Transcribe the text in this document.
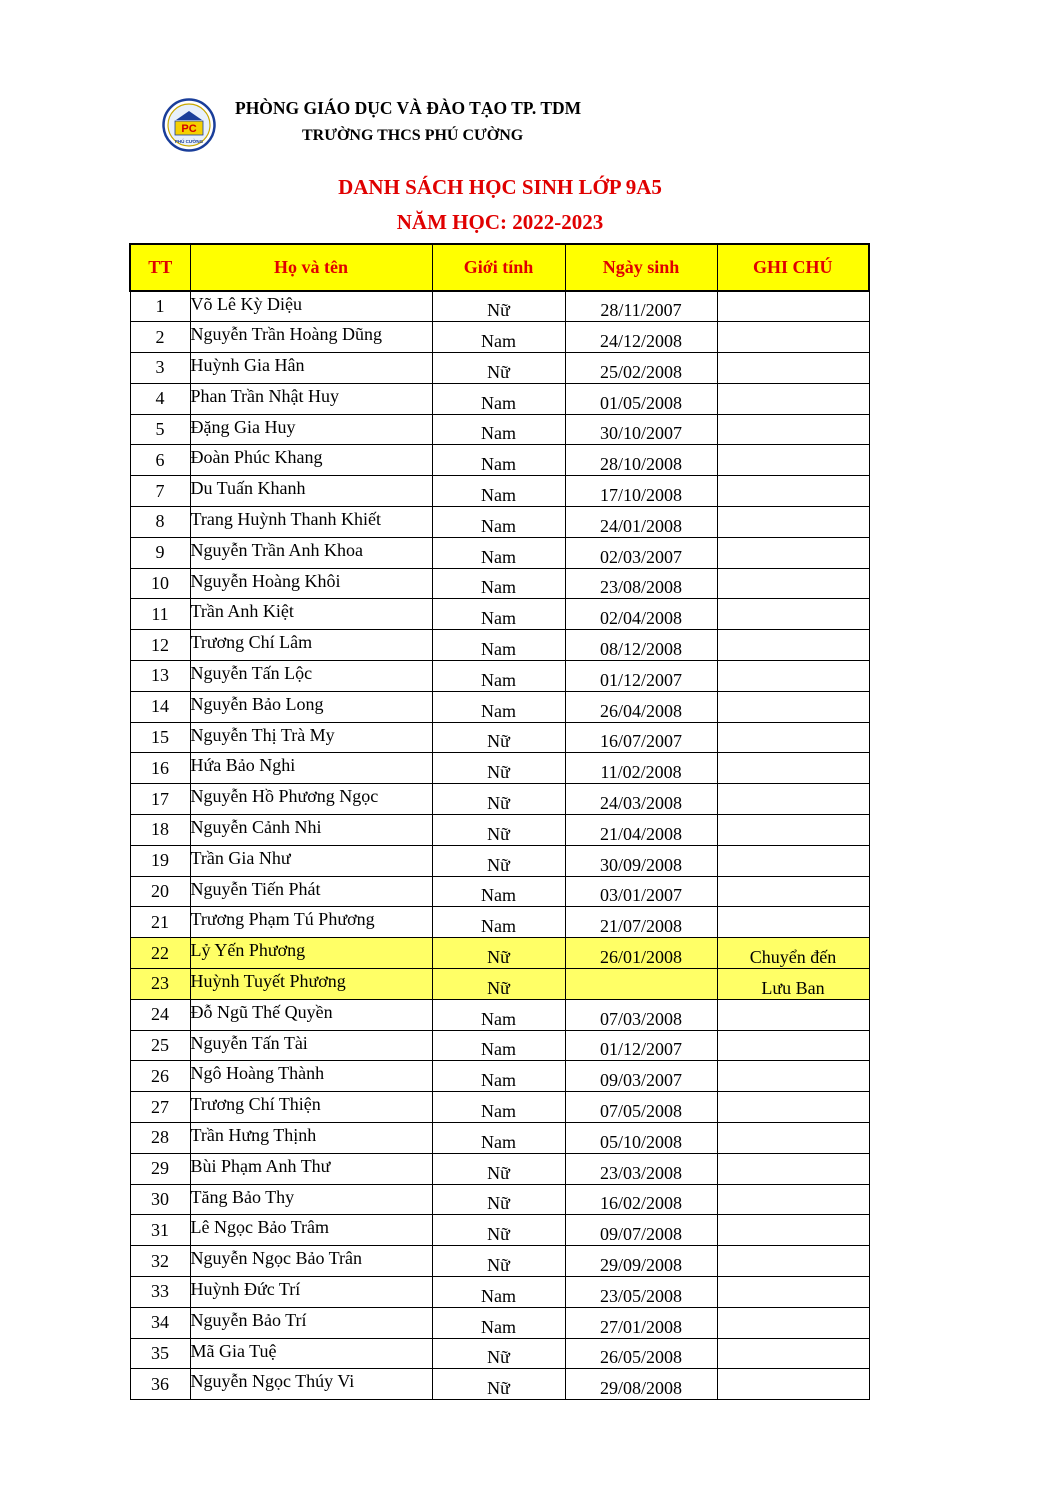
PC
PHÚ CƯỜNG
PHÒNG GIÁO DỤC VÀ ĐÀO TẠO TP. TDM
TRƯỜNG THCS PHÚ CƯỜNG
DANH SÁCH HỌC SINH LỚP 9A5
NĂM HỌC: 2022-2023
TT	Họ và tên	Giới tính	Ngày sinh	GHI CHÚ
1	Võ Lê Kỳ Diệu	Nữ	28/11/2007	
2	Nguyễn Trần Hoàng Dũng	Nam	24/12/2008	
3	Huỳnh Gia Hân	Nữ	25/02/2008	
4	Phan Trần Nhật Huy	Nam	01/05/2008	
5	Đặng Gia Huy	Nam	30/10/2007	
6	Đoàn Phúc Khang	Nam	28/10/2008	
7	Du Tuấn Khanh	Nam	17/10/2008	
8	Trang Huỳnh Thanh Khiết	Nam	24/01/2008	
9	Nguyễn Trần Anh Khoa	Nam	02/03/2007	
10	Nguyễn Hoàng Khôi	Nam	23/08/2008	
11	Trần Anh Kiệt	Nam	02/04/2008	
12	Trương Chí Lâm	Nam	08/12/2008	
13	Nguyễn Tấn Lộc	Nam	01/12/2007	
14	Nguyễn Bảo Long	Nam	26/04/2008	
15	Nguyễn Thị Trà My	Nữ	16/07/2007	
16	Hứa Bảo Nghi	Nữ	11/02/2008	
17	Nguyễn Hồ Phương Ngọc	Nữ	24/03/2008	
18	Nguyễn Cảnh Nhi	Nữ	21/04/2008	
19	Trần Gia Như	Nữ	30/09/2008	
20	Nguyễn Tiến Phát	Nam	03/01/2007	
21	Trương Phạm Tú Phương	Nam	21/07/2008	
22	Lỷ Yến Phương	Nữ	26/01/2008	Chuyển đến
23	Huỳnh Tuyết Phương	Nữ		Lưu Ban
24	Đỗ Ngũ Thế Quyền	Nam	07/03/2008	
25	Nguyễn Tấn Tài	Nam	01/12/2007	
26	Ngô Hoàng Thành	Nam	09/03/2007	
27	Trương Chí Thiện	Nam	07/05/2008	
28	Trần Hưng Thịnh	Nam	05/10/2008	
29	Bùi Phạm Anh Thư	Nữ	23/03/2008	
30	Tăng Bảo Thy	Nữ	16/02/2008	
31	Lê Ngọc Bảo Trâm	Nữ	09/07/2008	
32	Nguyễn Ngọc Bảo Trân	Nữ	29/09/2008	
33	Huỳnh Đức Trí	Nam	23/05/2008	
34	Nguyễn Bảo Trí	Nam	27/01/2008	
35	Mã Gia Tuệ	Nữ	26/05/2008	
36	Nguyễn Ngọc Thúy Vi	Nữ	29/08/2008	
